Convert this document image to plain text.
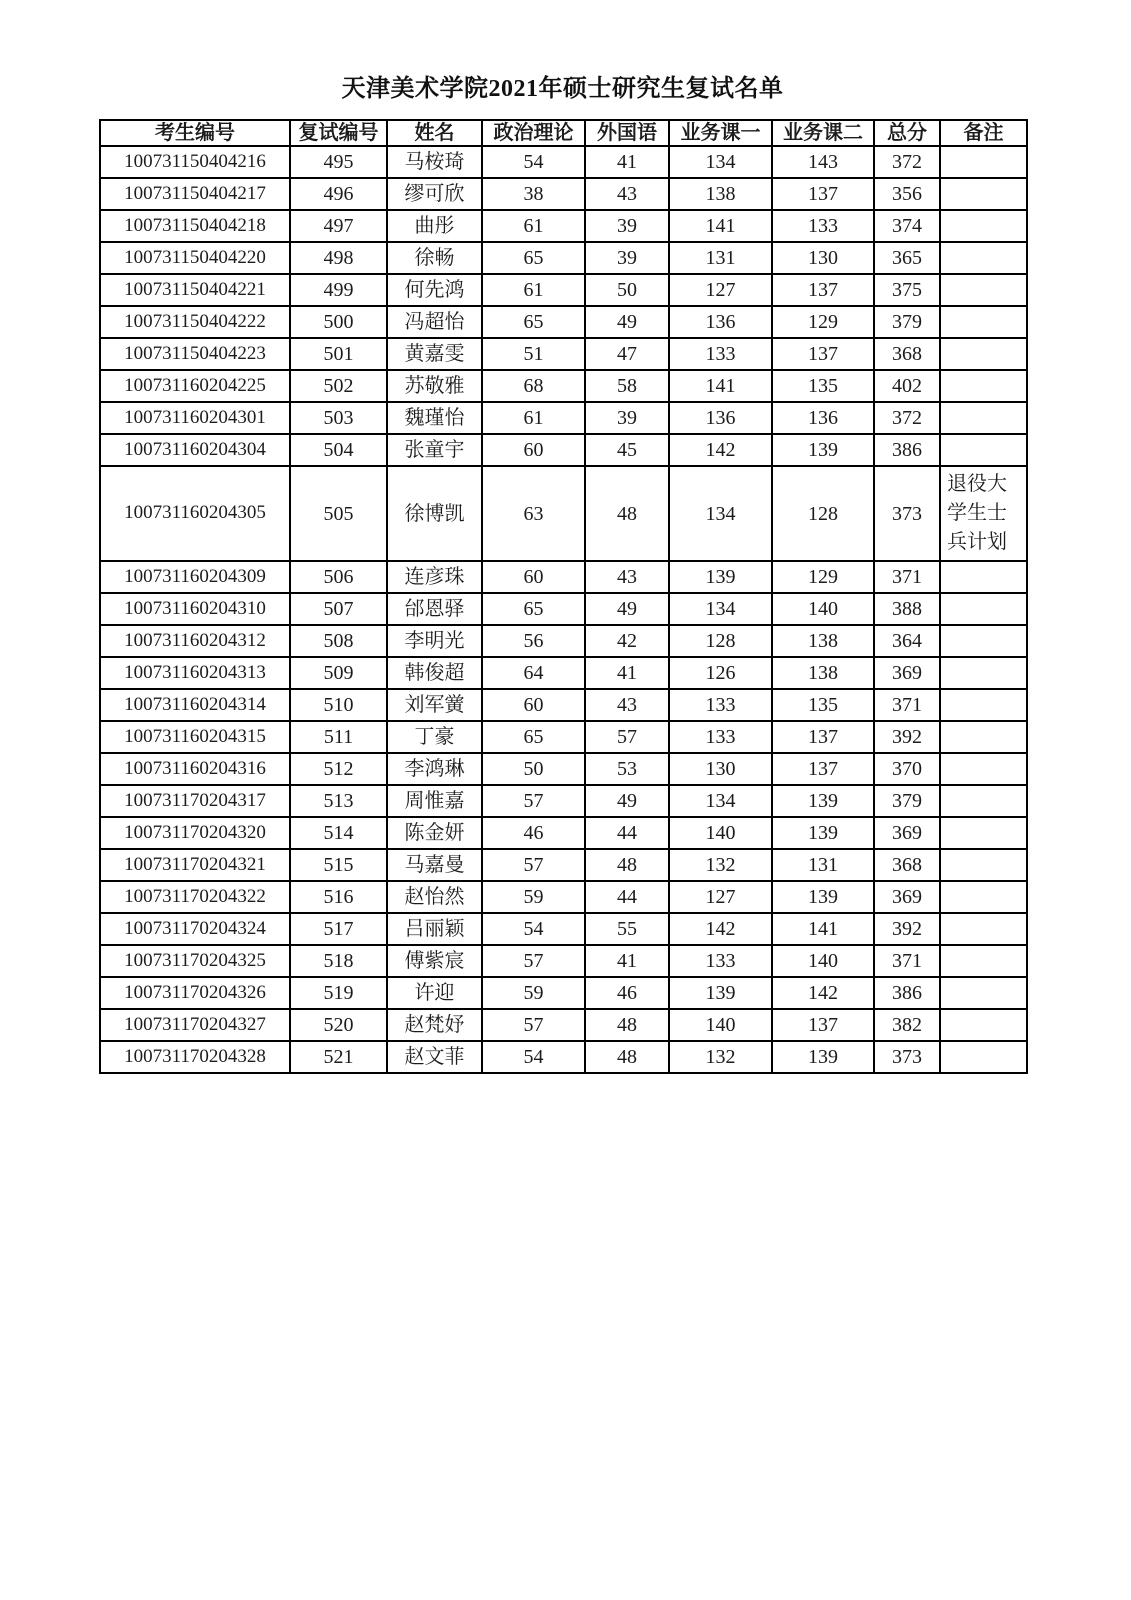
天津美术学院2021年硕士研究生复试名单
考生编号	复试编号	姓名	政治理论	外国语	业务课一	业务课二	总分	备注
100731150404216	495	马桉琦	54	41	134	143	372	
100731150404217	496	缪可欣	38	43	138	137	356	
100731150404218	497	曲彤	61	39	141	133	374	
100731150404220	498	徐畅	65	39	131	130	365	
100731150404221	499	何先鸿	61	50	127	137	375	
100731150404222	500	冯超怡	65	49	136	129	379	
100731150404223	501	黄嘉雯	51	47	133	137	368	
100731160204225	502	苏敬雅	68	58	141	135	402	
100731160204301	503	魏瑾怡	61	39	136	136	372	
100731160204304	504	张童宇	60	45	142	139	386	
100731160204305	505	徐博凯	63	48	134	128	373	退役大学生士兵计划
100731160204309	506	连彦珠	60	43	139	129	371	
100731160204310	507	邰恩驿	65	49	134	140	388	
100731160204312	508	李明光	56	42	128	138	364	
100731160204313	509	韩俊超	64	41	126	138	369	
100731160204314	510	刘军黉	60	43	133	135	371	
100731160204315	511	丁豪	65	57	133	137	392	
100731160204316	512	李鸿琳	50	53	130	137	370	
100731170204317	513	周惟嘉	57	49	134	139	379	
100731170204320	514	陈金妍	46	44	140	139	369	
100731170204321	515	马嘉曼	57	48	132	131	368	
100731170204322	516	赵怡然	59	44	127	139	369	
100731170204324	517	吕丽颖	54	55	142	141	392	
100731170204325	518	傅紫宸	57	41	133	140	371	
100731170204326	519	许迎	59	46	139	142	386	
100731170204327	520	赵梵妤	57	48	140	137	382	
100731170204328	521	赵文菲	54	48	132	139	373	
